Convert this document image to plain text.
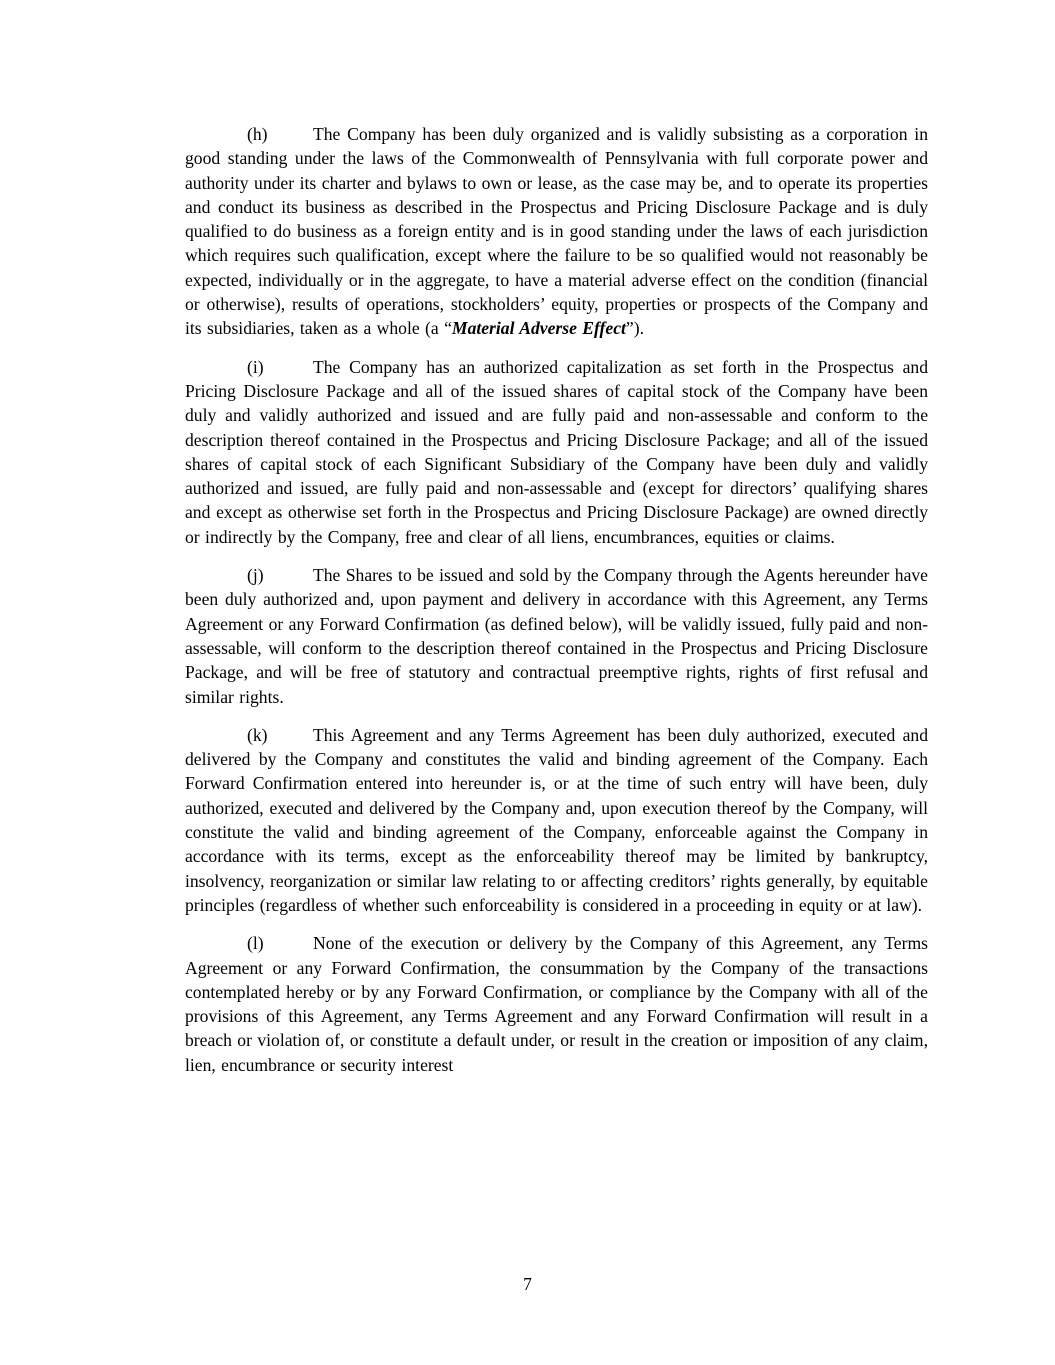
(h)	The Company has been duly organized and is validly subsisting as a corporation in good standing under the laws of the Commonwealth of Pennsylvania with full corporate power and authority under its charter and bylaws to own or lease, as the case may be, and to operate its properties and conduct its business as described in the Prospectus and Pricing Disclosure Package and is duly qualified to do business as a foreign entity and is in good standing under the laws of each jurisdiction which requires such qualification, except where the failure to be so qualified would not reasonably be expected, individually or in the aggregate, to have a material adverse effect on the condition (financial or otherwise), results of operations, stockholders’ equity, properties or prospects of the Company and its subsidiaries, taken as a whole (a “Material Adverse Effect”).

(i)	The Company has an authorized capitalization as set forth in the Prospectus and Pricing Disclosure Package and all of the issued shares of capital stock of the Company have been duly and validly authorized and issued and are fully paid and non-assessable and conform to the description thereof contained in the Prospectus and Pricing Disclosure Package; and all of the issued shares of capital stock of each Significant Subsidiary of the Company have been duly and validly authorized and issued, are fully paid and non-assessable and (except for directors’ qualifying shares and except as otherwise set forth in the Prospectus and Pricing Disclosure Package) are owned directly or indirectly by the Company, free and clear of all liens, encumbrances, equities or claims.

(j)	The Shares to be issued and sold by the Company through the Agents hereunder have been duly authorized and, upon payment and delivery in accordance with this Agreement, any Terms Agreement or any Forward Confirmation (as defined below), will be validly issued, fully paid and non-assessable, will conform to the description thereof contained in the Prospectus and Pricing Disclosure Package, and will be free of statutory and contractual preemptive rights, rights of first refusal and similar rights.

(k)	This Agreement and any Terms Agreement has been duly authorized, executed and delivered by the Company and constitutes the valid and binding agreement of the Company. Each Forward Confirmation entered into hereunder is, or at the time of such entry will have been, duly authorized, executed and delivered by the Company and, upon execution thereof by the Company, will constitute the valid and binding agreement of the Company, enforceable against the Company in accordance with its terms, except as the enforceability thereof may be limited by bankruptcy, insolvency, reorganization or similar law relating to or affecting creditors’ rights generally, by equitable principles (regardless of whether such enforceability is considered in a proceeding in equity or at law).

(l)	None of the execution or delivery by the Company of this Agreement, any Terms Agreement or any Forward Confirmation, the consummation by the Company of the transactions contemplated hereby or by any Forward Confirmation, or compliance by the Company with all of the provisions of this Agreement, any Terms Agreement and any Forward Confirmation will result in a breach or violation of, or constitute a default under, or result in the creation or imposition of any claim, lien, encumbrance or security interest

7
